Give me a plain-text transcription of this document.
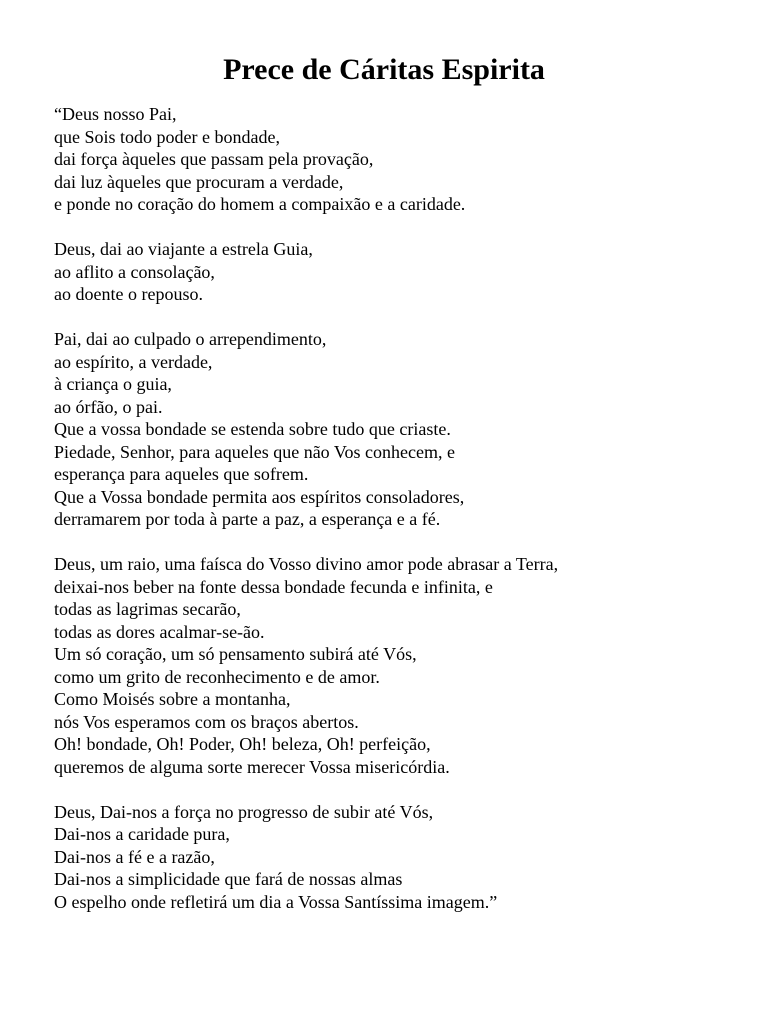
Prece de Cáritas Espirita
“Deus nosso Pai,
que Sois todo poder e bondade,
dai força àqueles que passam pela provação,
dai luz àqueles que procuram a verdade,
e ponde no coração do homem a compaixão e a caridade.
Deus, dai ao viajante a estrela Guia,
ao aflito a consolação,
ao doente o repouso.
Pai, dai ao culpado o arrependimento,
ao espírito, a verdade,
à criança o guia,
ao órfão, o pai.
Que a vossa bondade se estenda sobre tudo que criaste.
Piedade, Senhor, para aqueles que não Vos conhecem, e
esperança para aqueles que sofrem.
Que a Vossa bondade permita aos espíritos consoladores,
derramarem por toda à parte a paz, a esperança e a fé.
Deus, um raio, uma faísca do Vosso divino amor pode abrasar a Terra,
deixai-nos beber na fonte dessa bondade fecunda e infinita, e
todas as lagrimas secarão,
todas as dores acalmar-se-ão.
Um só coração, um só pensamento subirá até Vós,
como um grito de reconhecimento e de amor.
Como Moisés sobre a montanha,
nós Vos esperamos com os braços abertos.
Oh! bondade, Oh! Poder, Oh! beleza, Oh! perfeição,
queremos de alguma sorte merecer Vossa misericórdia.
Deus, Dai-nos a força no progresso de subir até Vós,
Dai-nos a caridade pura,
Dai-nos a fé e a razão,
Dai-nos a simplicidade que fará de nossas almas
O espelho onde refletirá um dia a Vossa Santíssima imagem.”
